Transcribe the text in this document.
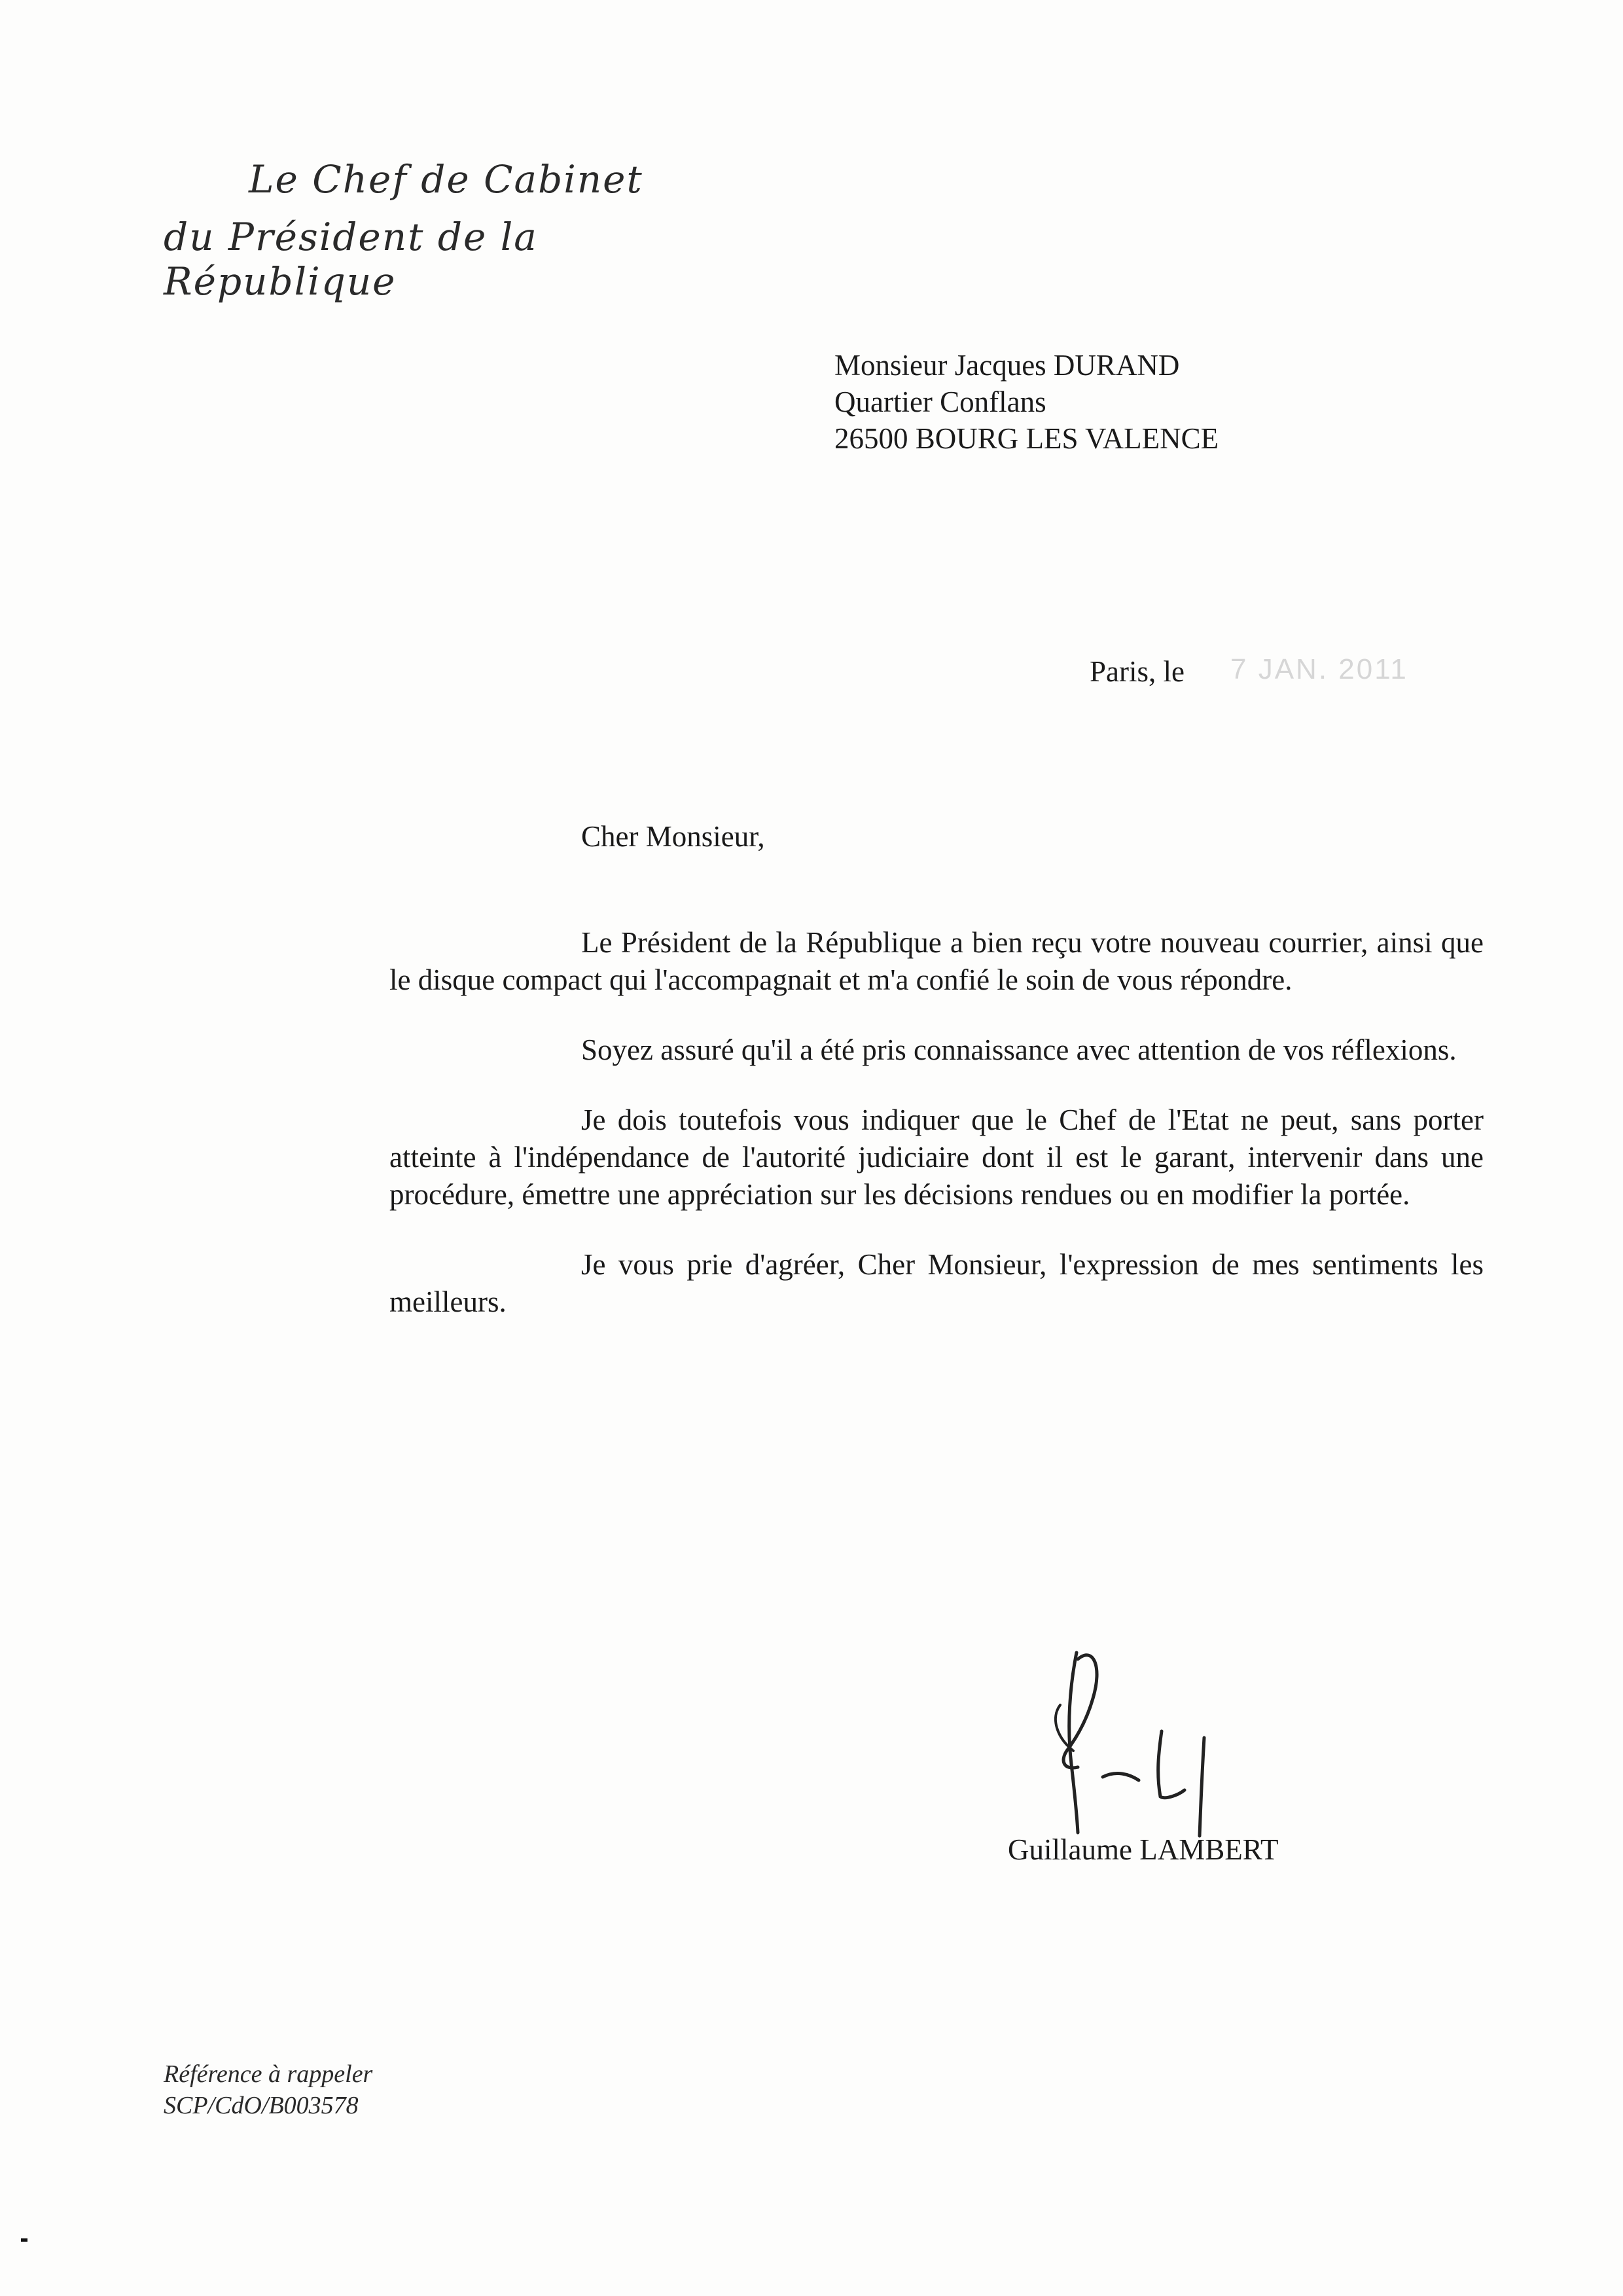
Le Chef de Cabinet
du Président de la République
Monsieur Jacques DURAND
Quartier Conflans
26500 BOURG LES VALENCE
Paris, le 7 JAN. 2011
Cher Monsieur,

Le Président de la République a bien reçu votre nouveau courrier, ainsi que le disque compact qui l'accompagnait et m'a confié le soin de vous répondre.

Soyez assuré qu'il a été pris connaissance avec attention de vos réflexions.

Je dois toutefois vous indiquer que le Chef de l'Etat ne peut, sans porter atteinte à l'indépendance de l'autorité judiciaire dont il est le garant, intervenir dans une procédure, émettre une appréciation sur les décisions rendues ou en modifier la portée.

Je vous prie d'agréer, Cher Monsieur, l'expression de mes sentiments les meilleurs.

Guillaume LAMBERT
Référence à rappeler
SCP/CdO/B003578
